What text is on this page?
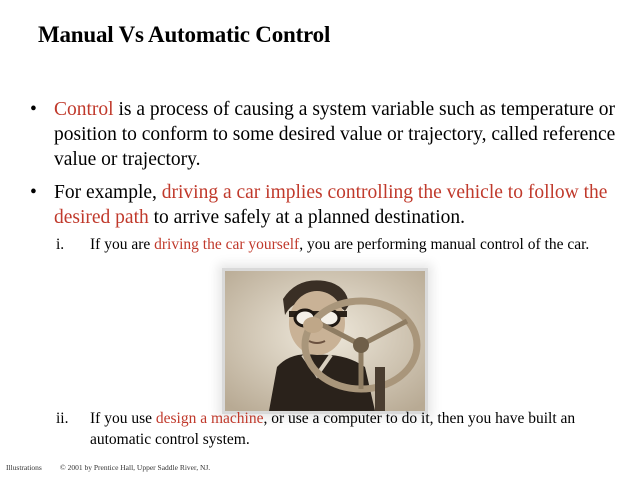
Manual Vs Automatic Control
• Control is a process of causing a system variable such as temperature or position to conform to some desired value or trajectory, called reference value or trajectory.
• For example, driving a car implies controlling the vehicle to follow the desired path to arrive safely at a planned destination.
i. If you are driving the car yourself, you are performing manual control of the car.
ii. If you use design a machine, or use a computer to do it, then you have built an automatic control system.
Illustrations © 2001 by Prentice Hall, Upper Saddle River, NJ.
